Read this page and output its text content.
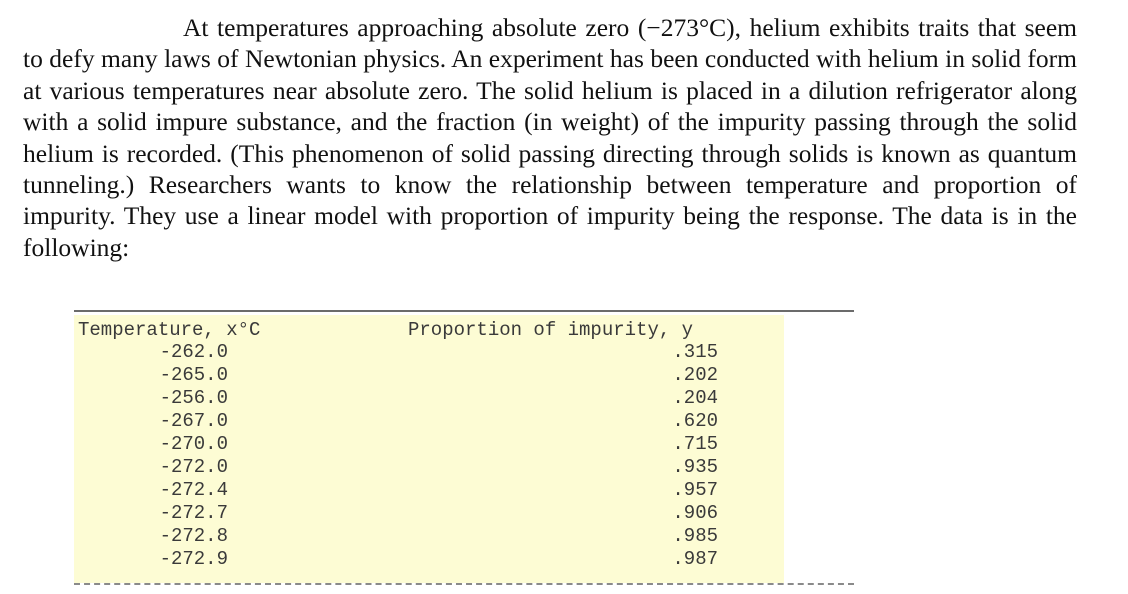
At temperatures approaching absolute zero (−273°C), helium exhibits traits that seem to defy many laws of Newtonian physics. An experiment has been conducted with helium in solid form at various temperatures near absolute zero. The solid helium is placed in a dilution refrigerator along with a solid impure substance, and the fraction (in weight) of the impurity passing through the solid helium is recorded. (This phenomenon of solid passing directing through solids is known as quantum tunneling.) Researchers wants to know the relationship between temperature and proportion of impurity. They use a linear model with proportion of impurity being the response. The data is in the following:

Temperature, x°C	Proportion of impurity, y
-262.0	.315
-265.0	.202
-256.0	.204
-267.0	.620
-270.0	.715
-272.0	.935
-272.4	.957
-272.7	.906
-272.8	.985
-272.9	.987
